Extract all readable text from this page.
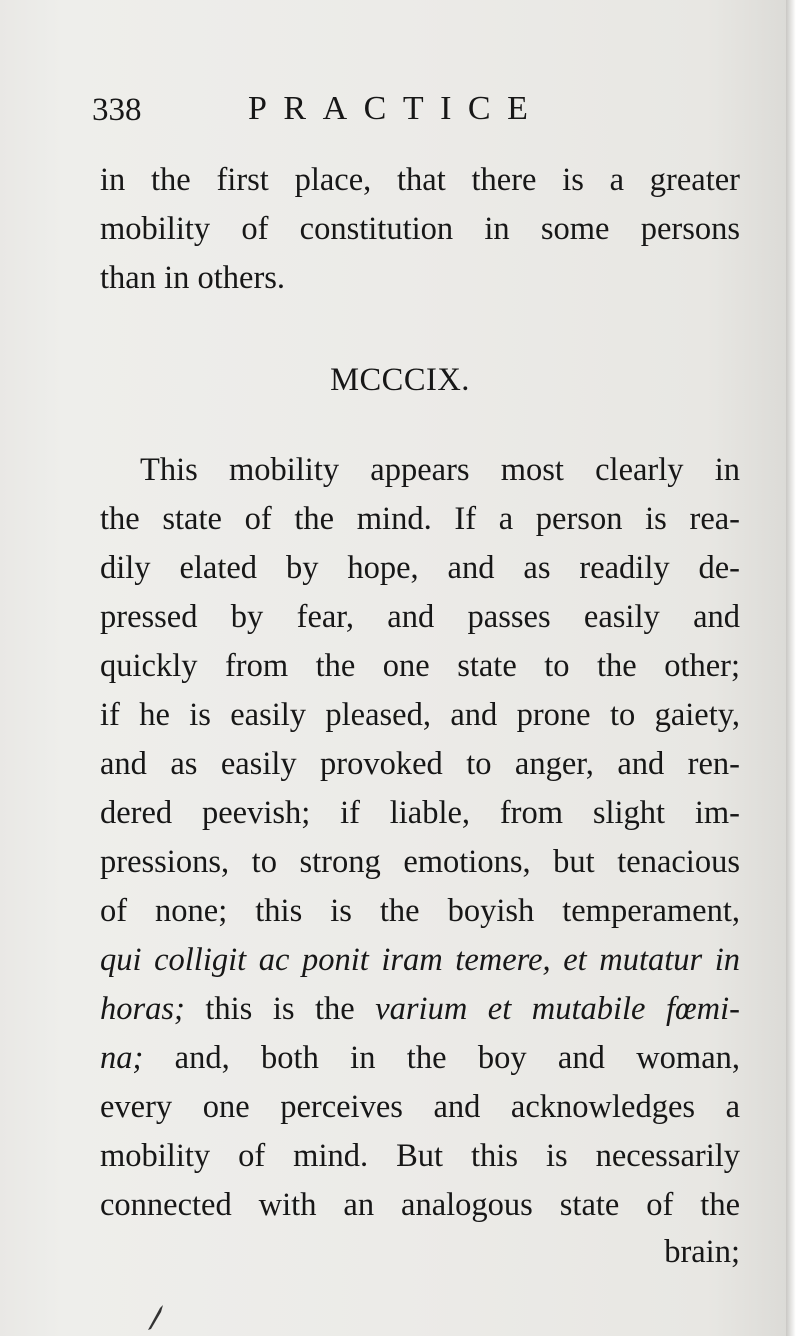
338	PRACTICE
in the first place, that there is a greater
mobility of constitution in some persons
than in others.
MCCCIX.
This mobility appears most clearly in
the state of the mind. If a person is rea-
dily elated by hope, and as readily de-
pressed by fear, and passes easily and
quickly from the one state to the other;
if he is easily pleased, and prone to gaiety,
and as easily provoked to anger, and ren-
dered peevish; if liable, from slight im-
pressions, to strong emotions, but tenacious
of none; this is the boyish temperament,
qui colligit ac ponit iram temere, et mutatur in
horas; this is the varium et mutabile fœmi-
na; and, both in the boy and woman,
every one perceives and acknowledges a
mobility of mind. But this is necessarily
connected with an analogous state of the
brain;
